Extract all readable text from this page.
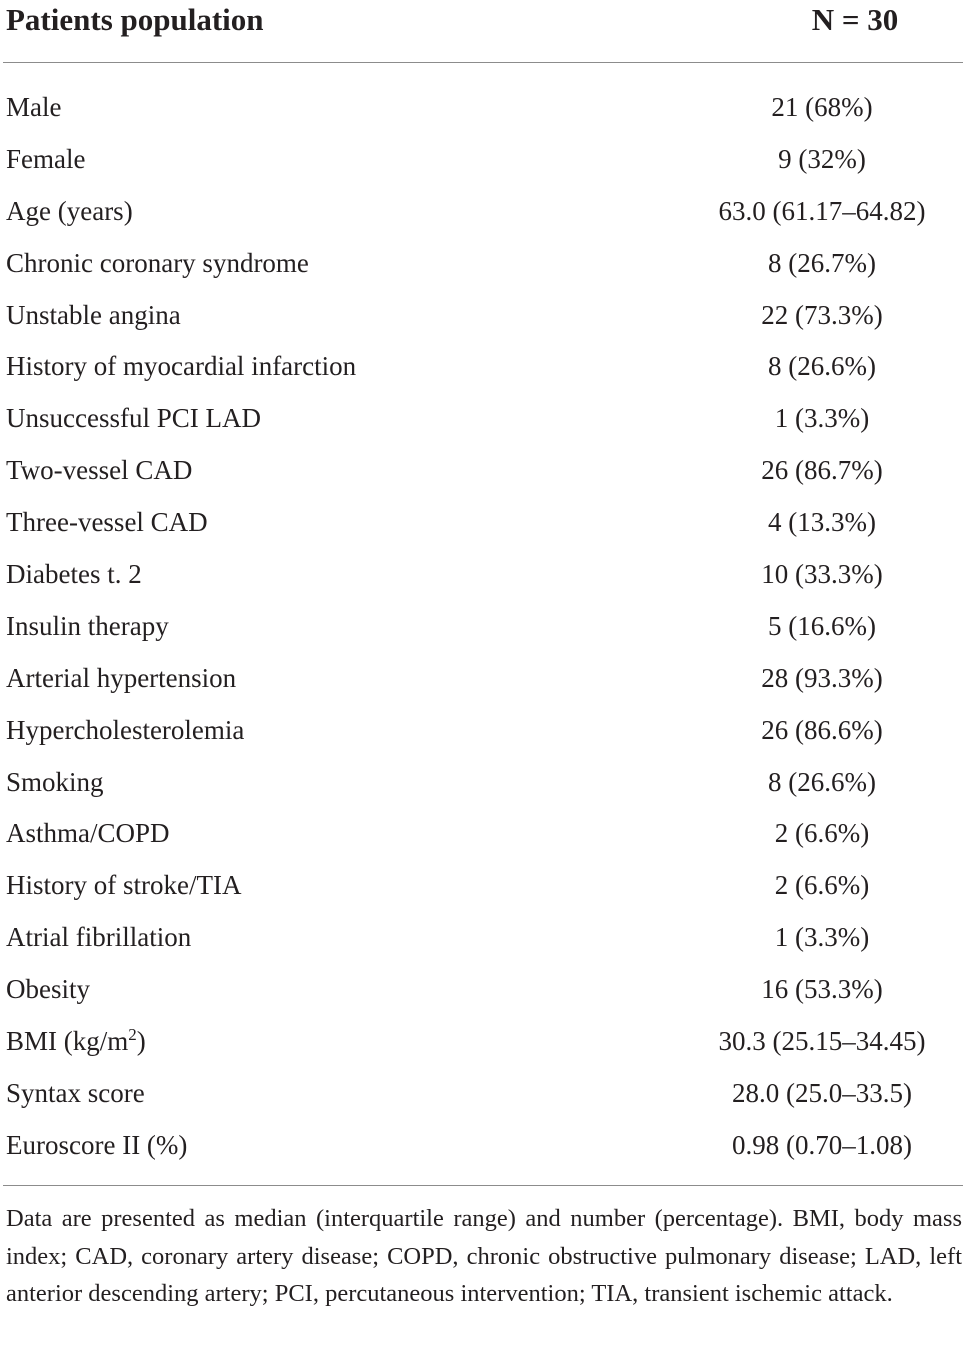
Patients population	N = 30
Male	21 (68%)
Female	9 (32%)
Age (years)	63.0 (61.17–64.82)
Chronic coronary syndrome	8 (26.7%)
Unstable angina	22 (73.3%)
History of myocardial infarction	8 (26.6%)
Unsuccessful PCI LAD	1 (3.3%)
Two-vessel CAD	26 (86.7%)
Three-vessel CAD	4 (13.3%)
Diabetes t. 2	10 (33.3%)
Insulin therapy	5 (16.6%)
Arterial hypertension	28 (93.3%)
Hypercholesterolemia	26 (86.6%)
Smoking	8 (26.6%)
Asthma/COPD	2 (6.6%)
History of stroke/TIA	2 (6.6%)
Atrial fibrillation	1 (3.3%)
Obesity	16 (53.3%)
BMI $(kg/m^2)$	30.3 (25.15–34.45)
Syntax score	28.0 (25.0–33.5)
Euroscore II (%)	0.98 (0.70–1.08)
Data are presented as median (interquartile range) and number (percentage). BMI, body mass index; CAD, coronary artery disease; COPD, chronic obstructive pulmonary disease; LAD, left anterior descending artery; PCI, percutaneous intervention; TIA, transient ischemic attack.
